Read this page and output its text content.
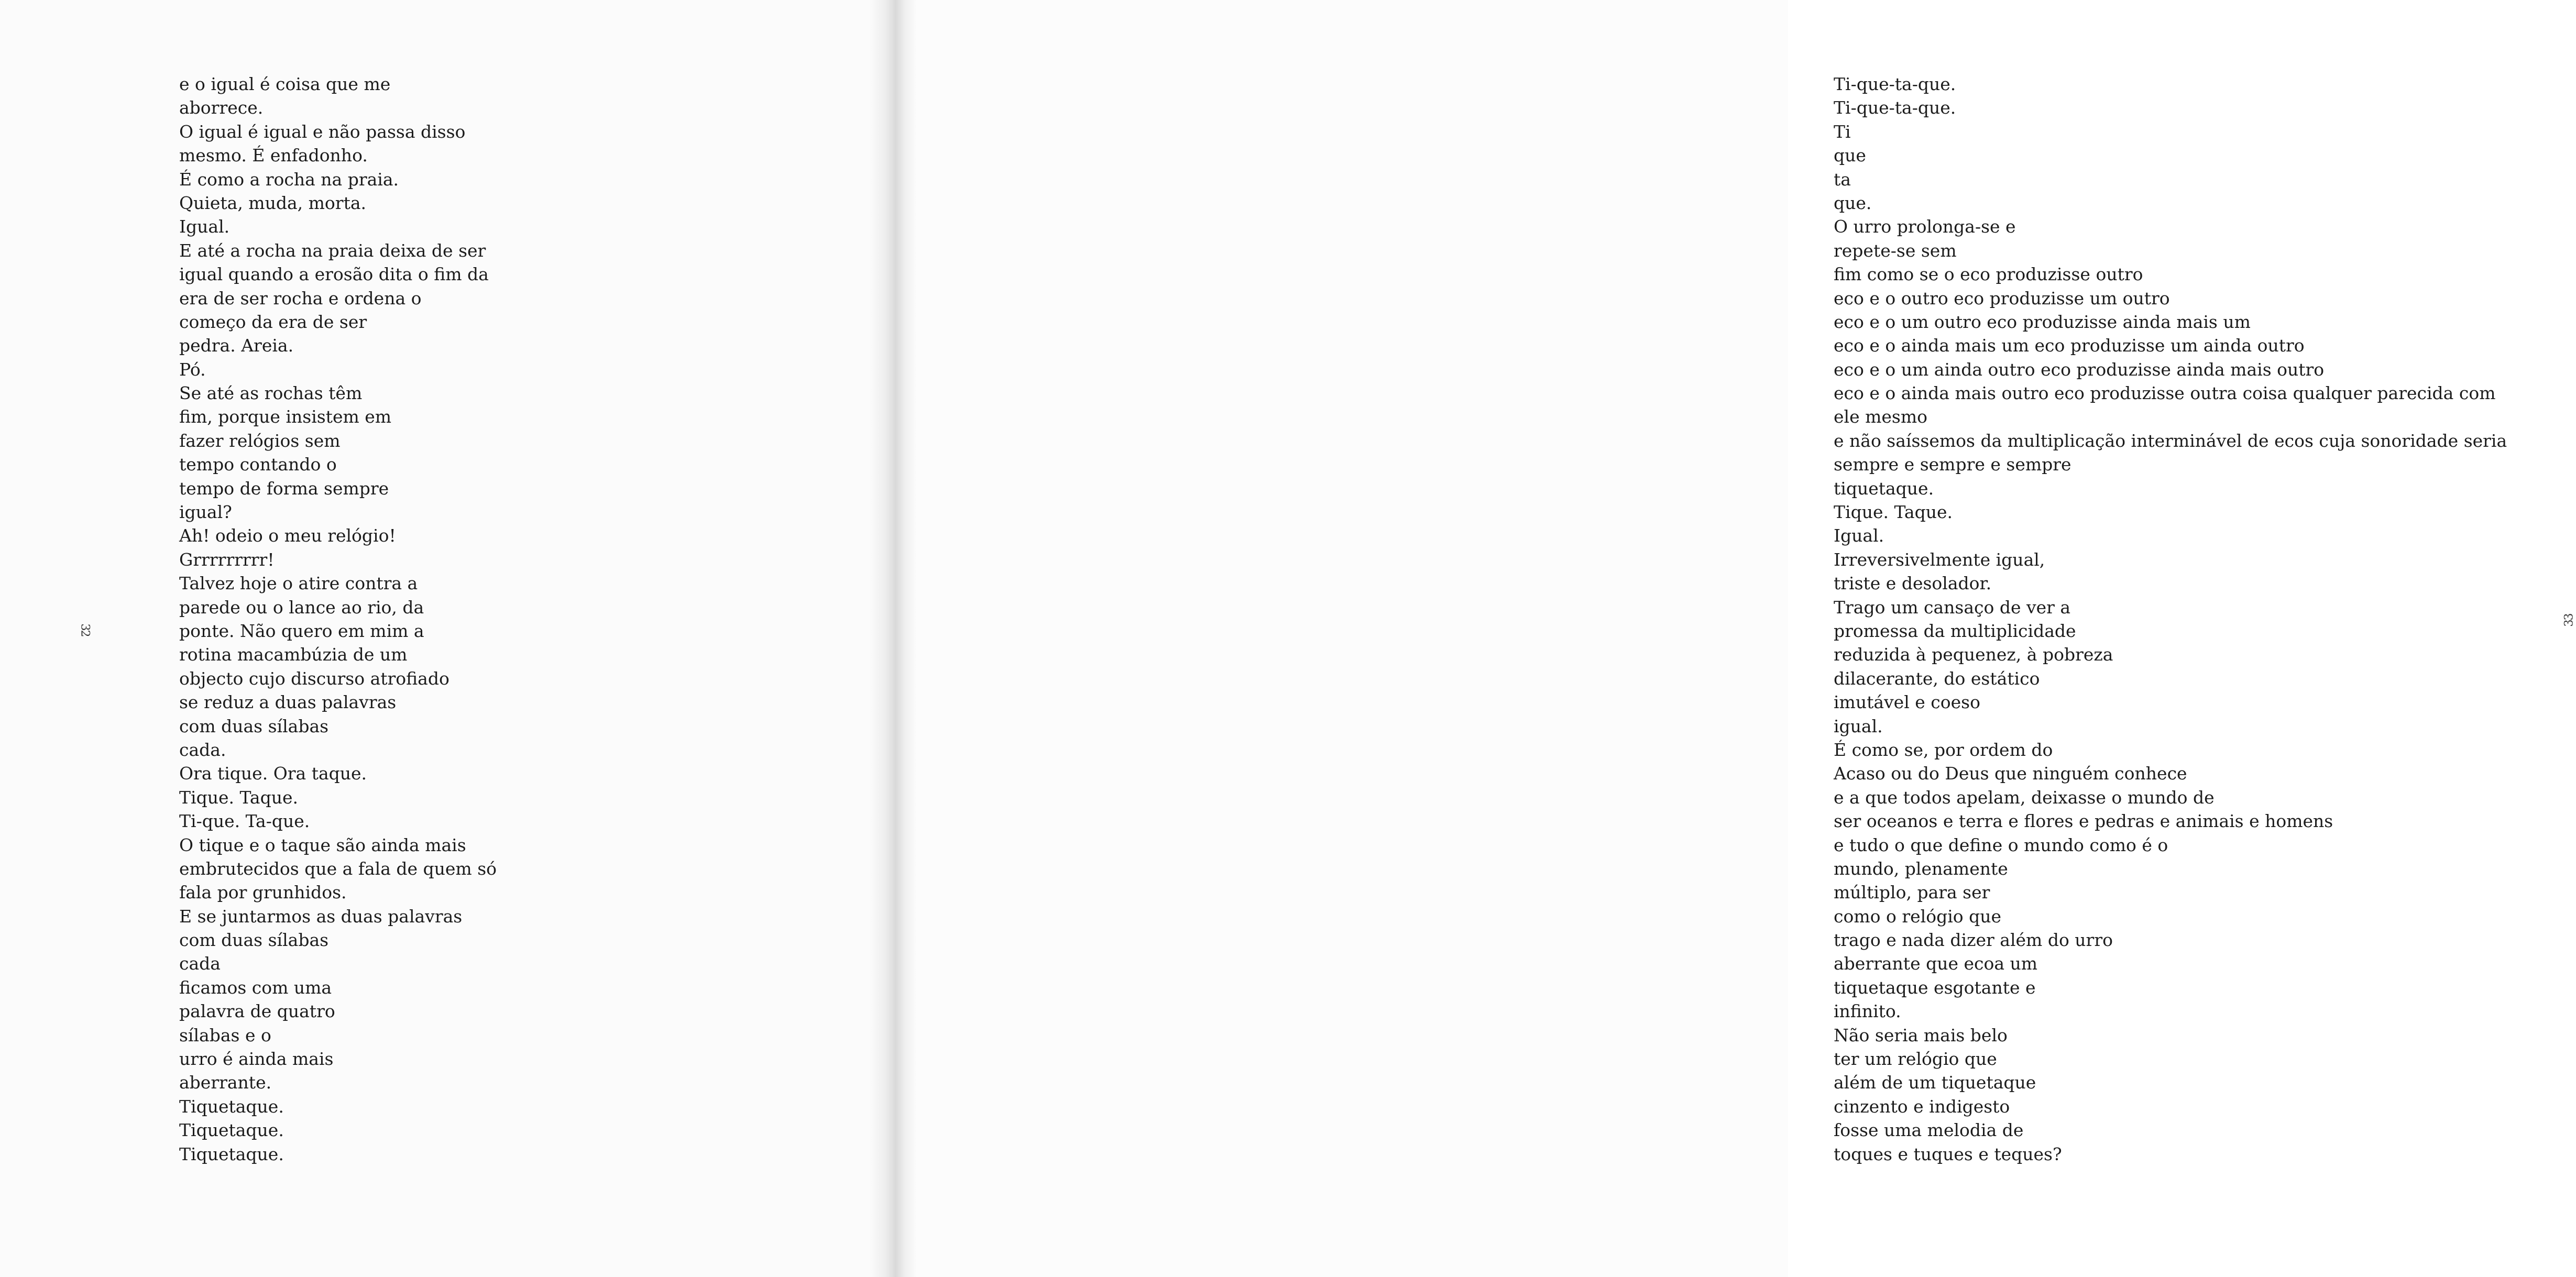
32
e o igual é coisa que me
aborrece.
O igual é igual e não passa disso
mesmo. É enfadonho.
É como a rocha na praia.
Quieta, muda, morta.
Igual.
E até a rocha na praia deixa de ser
igual quando a erosão dita o fim da
era de ser rocha e ordena o
começo da era de ser
pedra. Areia.
Pó.
Se até as rochas têm
fim, porque insistem em
fazer relógios sem
tempo contando o
tempo de forma sempre
igual?
Ah! odeio o meu relógio!
Grrrrrrrrr!
Talvez hoje o atire contra a
parede ou o lance ao rio, da
ponte. Não quero em mim a
rotina macambúzia de um
objecto cujo discurso atrofiado
se reduz a duas palavras
com duas sílabas
cada.
Ora tique. Ora taque.
Tique. Taque.
Ti-que. Ta-que.
O tique e o taque são ainda mais
embrutecidos que a fala de quem só
fala por grunhidos.
E se juntarmos as duas palavras
com duas sílabas
cada
ficamos com uma
palavra de quatro
sílabas e o
urro é ainda mais
aberrante.
Tiquetaque.
Tiquetaque.
Tiquetaque.
33
Ti-que-ta-que.
Ti-que-ta-que.
Ti
que
ta
que.
O urro prolonga-se e
repete-se sem
fim como se o eco produzisse outro
eco e o outro eco produzisse um outro
eco e o um outro eco produzisse ainda mais um
eco e o ainda mais um eco produzisse um ainda outro
eco e o um ainda outro eco produzisse ainda mais outro
eco e o ainda mais outro eco produzisse outra coisa qualquer parecida com
ele mesmo
e não saíssemos da multiplicação interminável de ecos cuja sonoridade seria
sempre e sempre e sempre
tiquetaque.
Tique. Taque.
Igual.
Irreversivelmente igual,
triste e desolador.
Trago um cansaço de ver a
promessa da multiplicidade
reduzida à pequenez, à pobreza
dilacerante, do estático
imutável e coeso
igual.
É como se, por ordem do
Acaso ou do Deus que ninguém conhece
e a que todos apelam, deixasse o mundo de
ser oceanos e terra e flores e pedras e animais e homens
e tudo o que define o mundo como é o
mundo, plenamente
múltiplo, para ser
como o relógio que
trago e nada dizer além do urro
aberrante que ecoa um
tiquetaque esgotante e
infinito.
Não seria mais belo
ter um relógio que
além de um tiquetaque
cinzento e indigesto
fosse uma melodia de
toques e tuques e teques?
